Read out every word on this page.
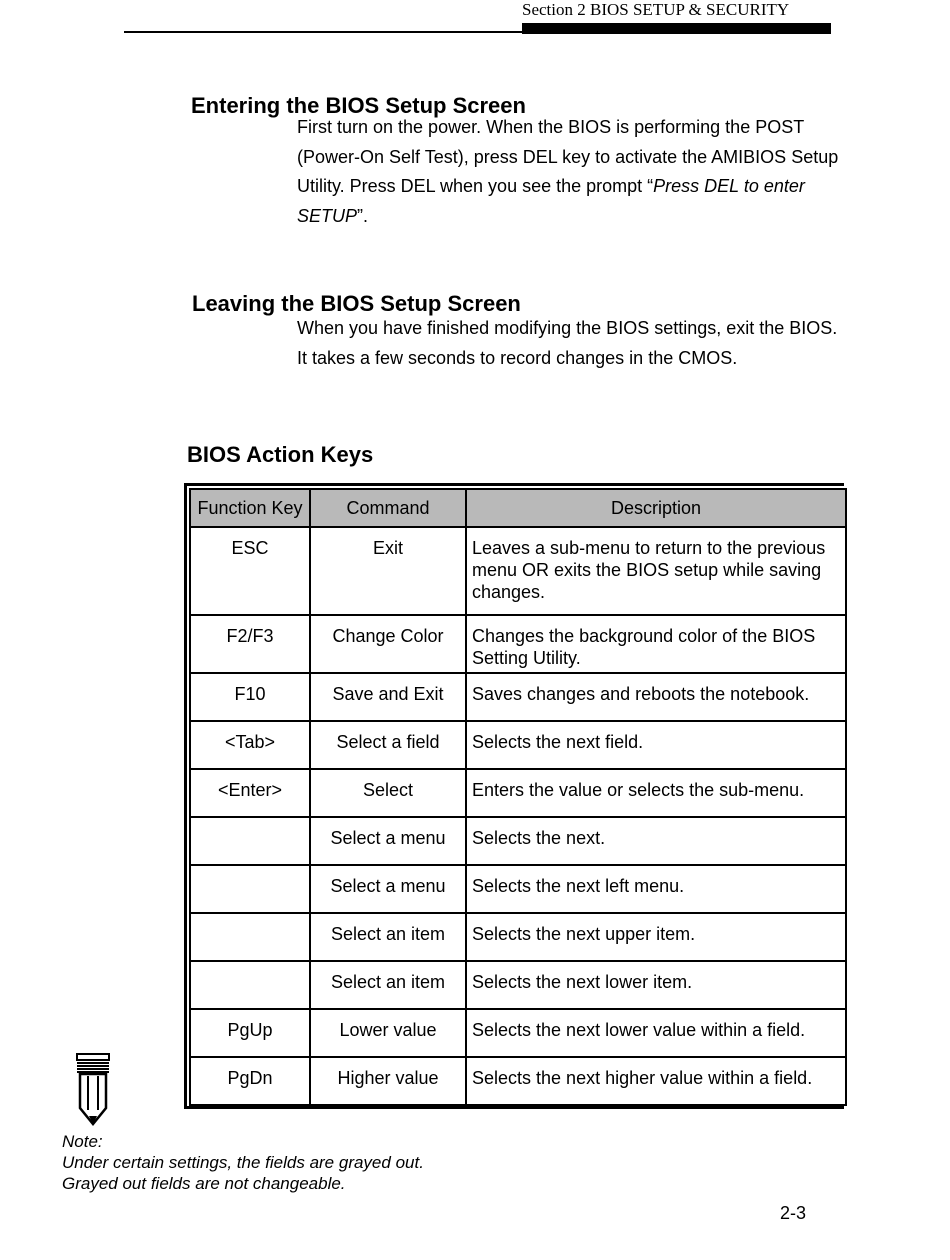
Section 2 BIOS SETUP & SECURITY
Entering the BIOS Setup Screen
First turn on the power. When the BIOS is performing the POST (Power-On Self Test), press DEL key to activate the AMIBIOS Setup Utility. Press DEL when you see the prompt “Press DEL to enter SETUP”.
Leaving the BIOS Setup Screen
When you have finished modifying the BIOS settings, exit the BIOS. It takes a few seconds to record changes in the CMOS.
BIOS Action Keys
Function Key	Command	Description
ESC	Exit	Leaves a sub-menu to return to the previous menu OR exits the BIOS setup while saving changes.
F2/F3	Change Color	Changes the background color of the BIOS Setting Utility.
F10	Save and Exit	Saves changes and reboots the notebook.
<Tab>	Select a field	Selects the next field.
<Enter>	Select	Enters the value or selects the sub-menu.
	Select a menu	Selects the next.
	Select a menu	Selects the next left menu.
	Select an item	Selects the next upper item.
	Select an item	Selects the next lower item.
PgUp	Lower value	Selects the next lower value within a field.
PgDn	Higher value	Selects the next higher value within a field.
Note:
Under certain settings, the fields are grayed out.
Grayed out fields are not changeable.
2-3
